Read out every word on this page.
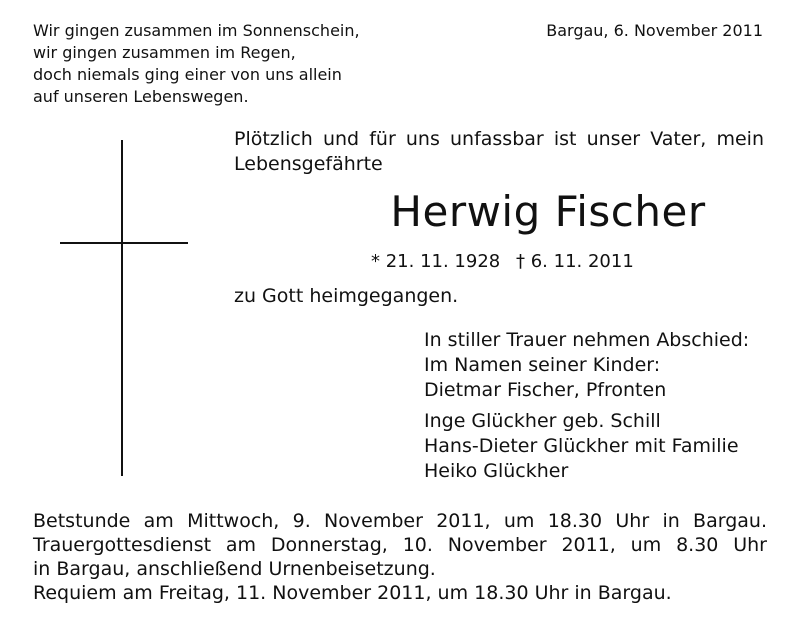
Wir gingen zusammen im Sonnenschein,
wir gingen zusammen im Regen,
doch niemals ging einer von uns allein
auf unseren Lebenswegen.
Bargau, 6. November 2011
Plötzlich und für uns unfassbar ist unser Vater, mein
Lebensgefährte
Herwig Fischer
* 21. 11. 1928 † 6. 11. 2011
zu Gott heimgegangen.
In stiller Trauer nehmen Abschied:
Im Namen seiner Kinder:
Dietmar Fischer, Pfronten
Inge Glückher geb. Schill
Hans-Dieter Glückher mit Familie
Heiko Glückher
Betstunde am Mittwoch, 9. November 2011, um 18.30 Uhr in Bargau.
Trauergottesdienst am Donnerstag, 10. November 2011, um 8.30 Uhr
in Bargau, anschließend Urnenbeisetzung.
Requiem am Freitag, 11. November 2011, um 18.30 Uhr in Bargau.
